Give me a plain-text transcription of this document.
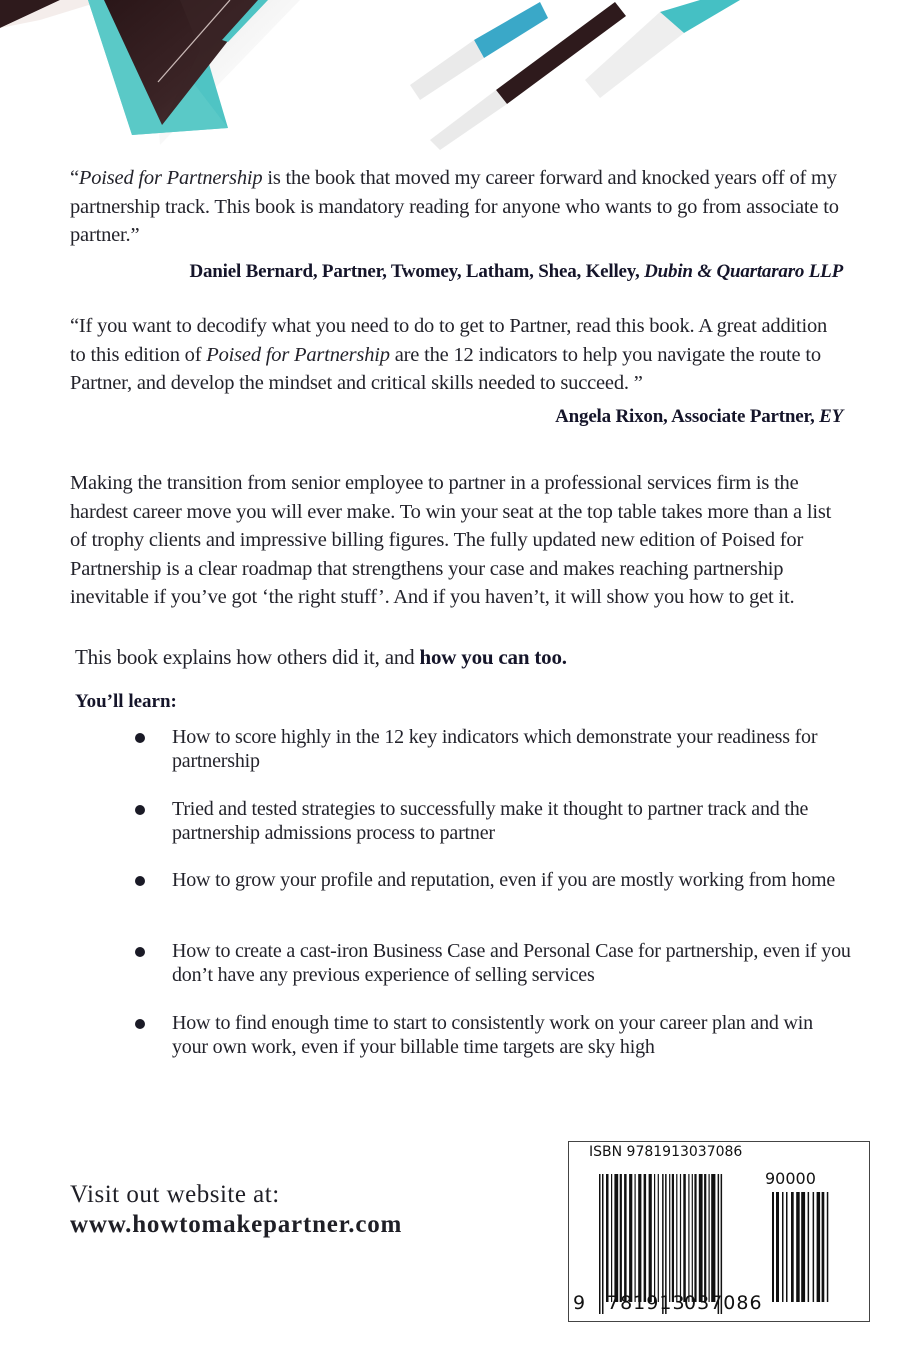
“Poised for Partnership is the book that moved my career forward and knocked years off of my partnership track. This book is mandatory reading for anyone who wants to go from associate to partner.”
Daniel Bernard, Partner, Twomey, Latham, Shea, Kelley, Dubin & Quartararo LLP
“If you want to decodify what you need to do to get to Partner, read this book. A great addition to this edition of Poised for Partnership are the 12 indicators to help you navigate the route to Partner, and develop the mindset and critical skills needed to succeed. ”
Angela Rixon, Associate Partner, EY
Making the transition from senior employee to partner in a professional services firm is the hardest career move you will ever make. To win your seat at the top table takes more than a list of trophy clients and impressive billing figures. The fully updated new edition of Poised for Partnership is a clear roadmap that strengthens your case and makes reaching partnership inevitable if you’ve got ‘the right stuff’. And if you haven’t, it will show you how to get it.
This book explains how others did it, and how you can too.
You’ll learn:
How to score highly in the 12 key indicators which demonstrate your readiness for partnership
Tried and tested strategies to successfully make it thought to partner track and the partnership admissions process to partner
How to grow your profile and reputation, even if you are mostly working from home
How to create a cast-iron Business Case and Personal Case for partnership, even if you don’t have any previous experience of selling services
How to find enough time to start to consistently work on your career plan and win your own work, even if your billable time targets are sky high
Visit out website at:
www.howtomakepartner.com
ISBN 9781913037086
90000
9 781913
037086
